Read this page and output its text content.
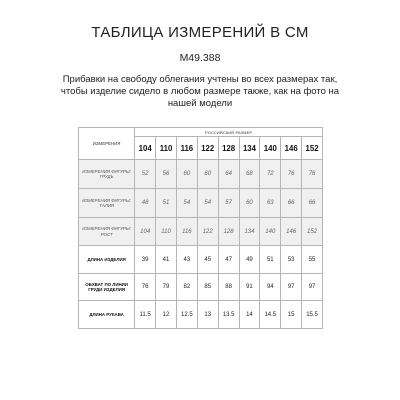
ТАБЛИЦА ИЗМЕРЕНИЙ В СМ
М49.388
Прибавки на свободу облегания учтены во всех размерах так,
чтобы изделие сидело в любом размере также, как на фото на
нашей модели
ИЗМЕРЕНИЯ	РОССИЙСКИЙ РАЗМЕР								
	104	110	116	122	128	134	140	146	152
ИЗМЕРЕНИЯ ФИГУРЫ: ГРУДЬ	52	56	60	60	64	68	72	76	76
ИЗМЕРЕНИЯ ФИГУРЫ: ТАЛИЯ	48	51	54	54	57	60	63	66	66
ИЗМЕРЕНИЯ ФИГУРЫ: РОСТ	104	110	116	122	128	134	140	146	152
ДЛИНА ИЗДЕЛИЯ	39	41	43	45	47	49	51	53	55
ОБХВАТ ПО ЛИНИИ ГРУДИ ИЗДЕЛИЯ	76	79	82	85	88	91	94	97	97
ДЛИНА РУКАВА	11.5	12	12.5	13	13.5	14	14.5	15	15.5
